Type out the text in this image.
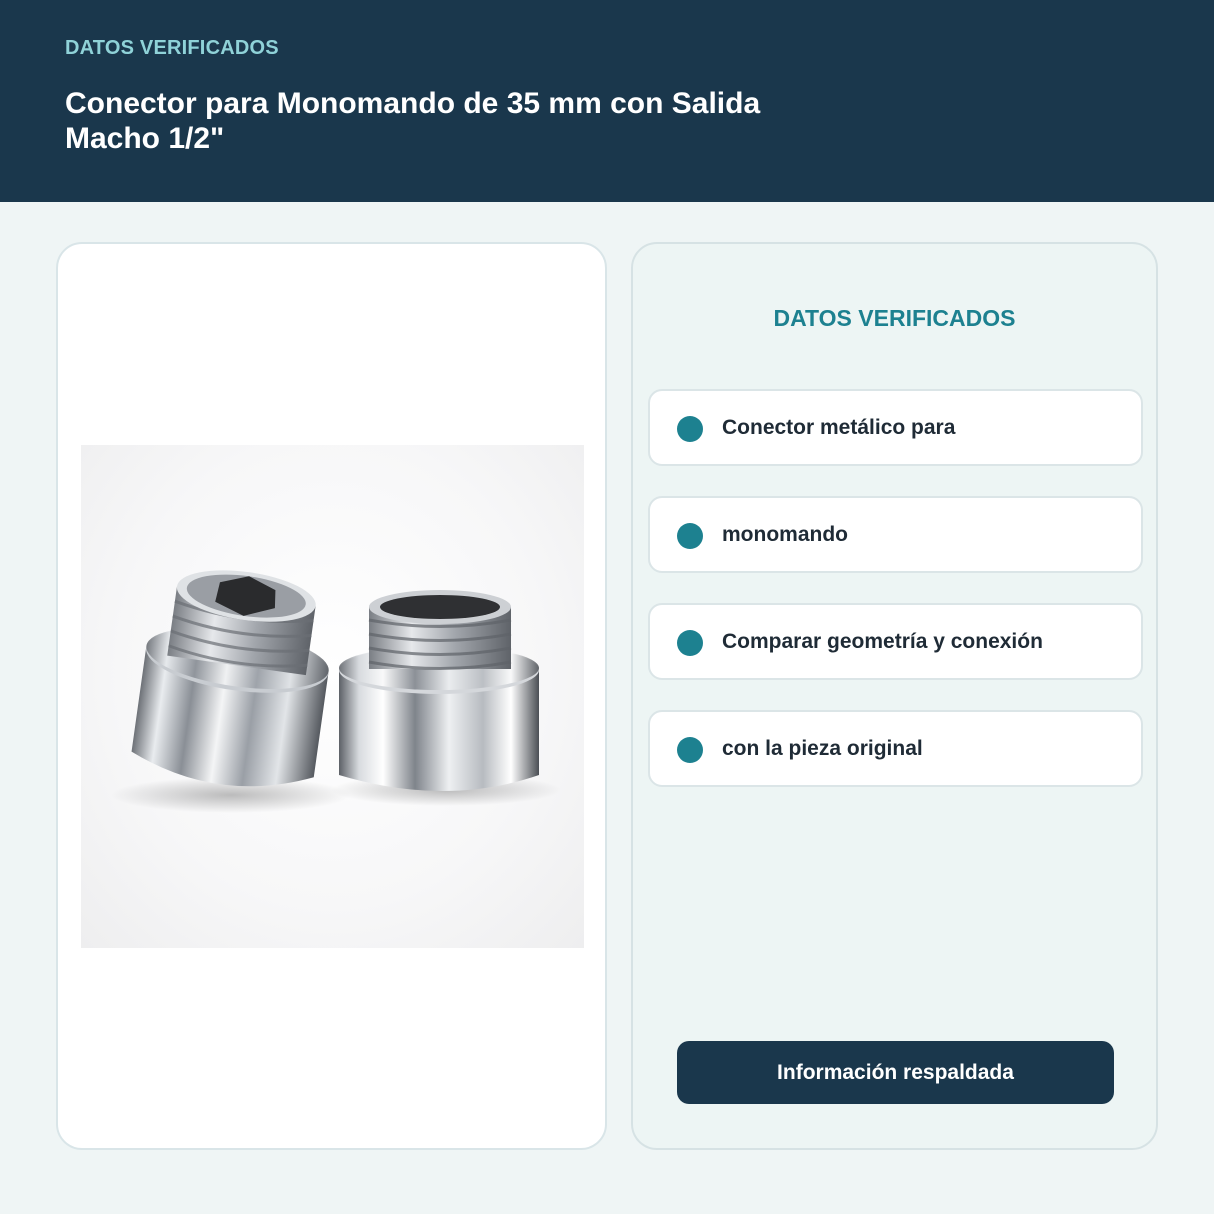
DATOS VERIFICADOS
Conector para Monomando de 35 mm con Salida Macho 1/2"
DATOS VERIFICADOS
Conector metálico para
monomando
Comparar geometría y conexión
con la pieza original
Información respaldada
